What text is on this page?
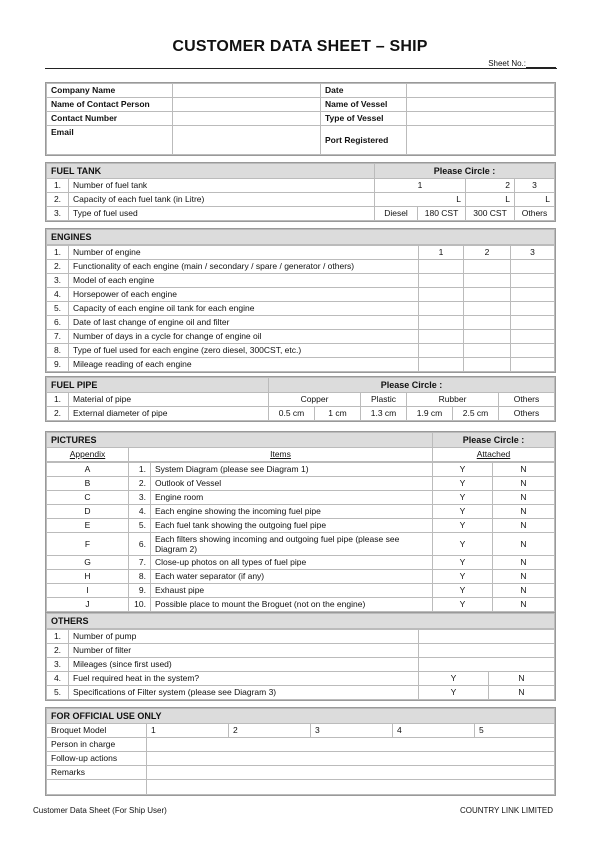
CUSTOMER DATA SHEET – SHIP
Sheet No.:
Company Name		Date	
Name of Contact Person		Name of Vessel	
Contact Number		Type of Vessel	
Email		Port Registered	
FUEL TANK		Please Circle :			
1.	Number of fuel tank	1		2	3
2.	Capacity of each fuel tank (in Litre)	L		L	L
3.	Type of fuel used	Diesel	180 CST	300 CST	Others
ENGINES
1.	Number of engine	1	2	3
2.	Functionality of each engine (main / secondary / spare / generator / others)			
3.	Model of each engine			
4.	Horsepower of each engine			
5.	Capacity of each engine oil tank for each engine			
6.	Date of last change of engine oil and filter			
7.	Number of days in a cycle for change of engine oil			
8.	Type of fuel used for each engine (zero diesel, 300CST, etc.)			
9.	Mileage reading of each engine			
FUEL PIPE		Please Circle :					
1.	Material of pipe	Copper		Plastic	Rubber		Others
2.	External diameter of pipe	0.5 cm	1 cm	1.3 cm	1.9 cm	2.5 cm	Others
PICTURES		Please Circle :
Appendix	Items	Attached
A	1.	System Diagram (please see Diagram 1)	Y	N
B	2.	Outlook of Vessel	Y	N
C	3.	Engine room	Y	N
D	4.	Each engine showing the incoming fuel pipe	Y	N
E	5.	Each fuel tank showing the outgoing fuel pipe	Y	N
F	6.	Each filters showing incoming and outgoing fuel pipe (please see Diagram 2)	Y	N
G	7.	Close-up photos on all types of fuel pipe	Y	N
H	8.	Each water separator (if any)	Y	N
I	9.	Exhaust pipe	Y	N
J	10.	Possible place to mount the Broguet (not on the engine)	Y	N
OTHERS
1.	Number of pump		
2.	Number of filter		
3.	Mileages (since first used)		
4.	Fuel required heat in the system?	Y	N
5.	Specifications of Filter system (please see Diagram 3)	Y	N
FOR OFFICIAL USE ONLY					
Broquet Model	1	2	3	4	5
Person in charge					
Follow-up actions					
Remarks					

Customer Data Sheet (For Ship User)	COUNTRY LINK LIMITED
